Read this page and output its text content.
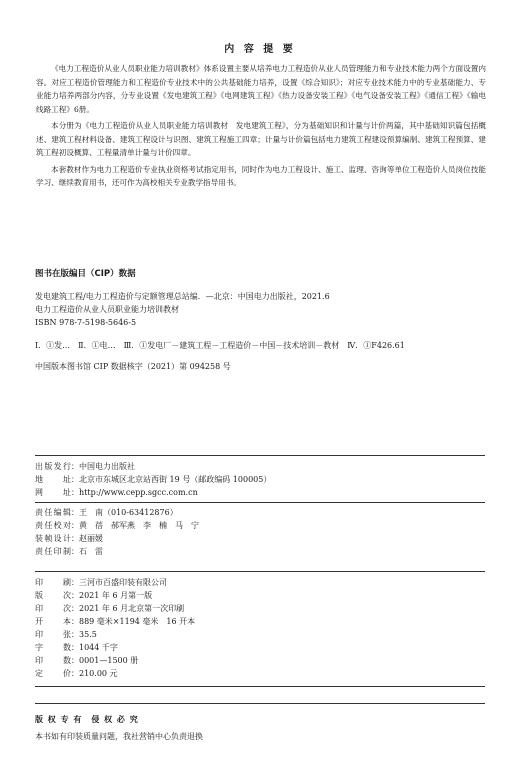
内 容 提 要

《电力工程造价从业人员职业能力培训教材》体系设置主要从培养电力工程造价从业人员管理能力和专业技术能力两个方面设置内容。对应工程造价管理能力和工程造价专业技术中的公共基础能力培养，设置《综合知识》；对应专业技术能力中的专业基础能力、专业能力培养两部分内容，分专业设置《发电建筑工程》《电网建筑工程》《热力设备安装工程》《电气设备安装工程》《通信工程》《输电线路工程》6册。

本分册为《电力工程造价从业人员职业能力培训教材　发电建筑工程》，分为基础知识和计量与计价两篇，其中基础知识篇包括概述、建筑工程材料设备、建筑工程设计与识图、建筑工程施工四章；计量与计价篇包括电力建筑工程建设预算编制、建筑工程预算、建筑工程初设概算、工程量清单计量与计价四章。

本套教材作为电力工程造价专业执业资格考试指定用书，同时作为电力工程设计、施工、监理、咨询等单位工程造价人员岗位技能学习、继续教育用书，还可作为高校相关专业教学指导用书。

图书在版编目（CIP）数据
发电建筑工程/电力工程造价与定额管理总站编．—北京：中国电力出版社，2021.6
电力工程造价从业人员职业能力培训教材
ISBN 978-7-5198-5646-5
Ⅰ．①发…　Ⅱ．①电…　Ⅲ．①发电厂－建筑工程－工程造价－中国－技术培训－教材　Ⅳ．①F426.61
中国版本图书馆 CIP 数据核字（2021）第 094258 号
出版发行 ： 中国电力出版社
地　　址 ： 北京市东城区北京站西街 19 号（邮政编码 100005）
网　　址 ： http://www.cepp.sgcc.com.cn
责任编辑 ： 王　南（010-63412876）
责任校对 ： 黄　蓓　郝军燕　李　楠　马　宁
装帧设计 ： 赵丽媛
责任印制 ： 石　雷
印刷 ： 三河市百盛印装有限公司
版次 ： 2021 年 6 月第一版
印次 ： 2021 年 6 月北京第一次印刷
开本 ： 889 毫米×1194 毫米　16 开本
印张 ： 35.5
字数 ： 1044 千字
印数 ： 0001—1500 册
定价 ： 210.00 元
版 权 专 有　侵 权 必 究
本书如有印装质量问题，我社营销中心负责退换
